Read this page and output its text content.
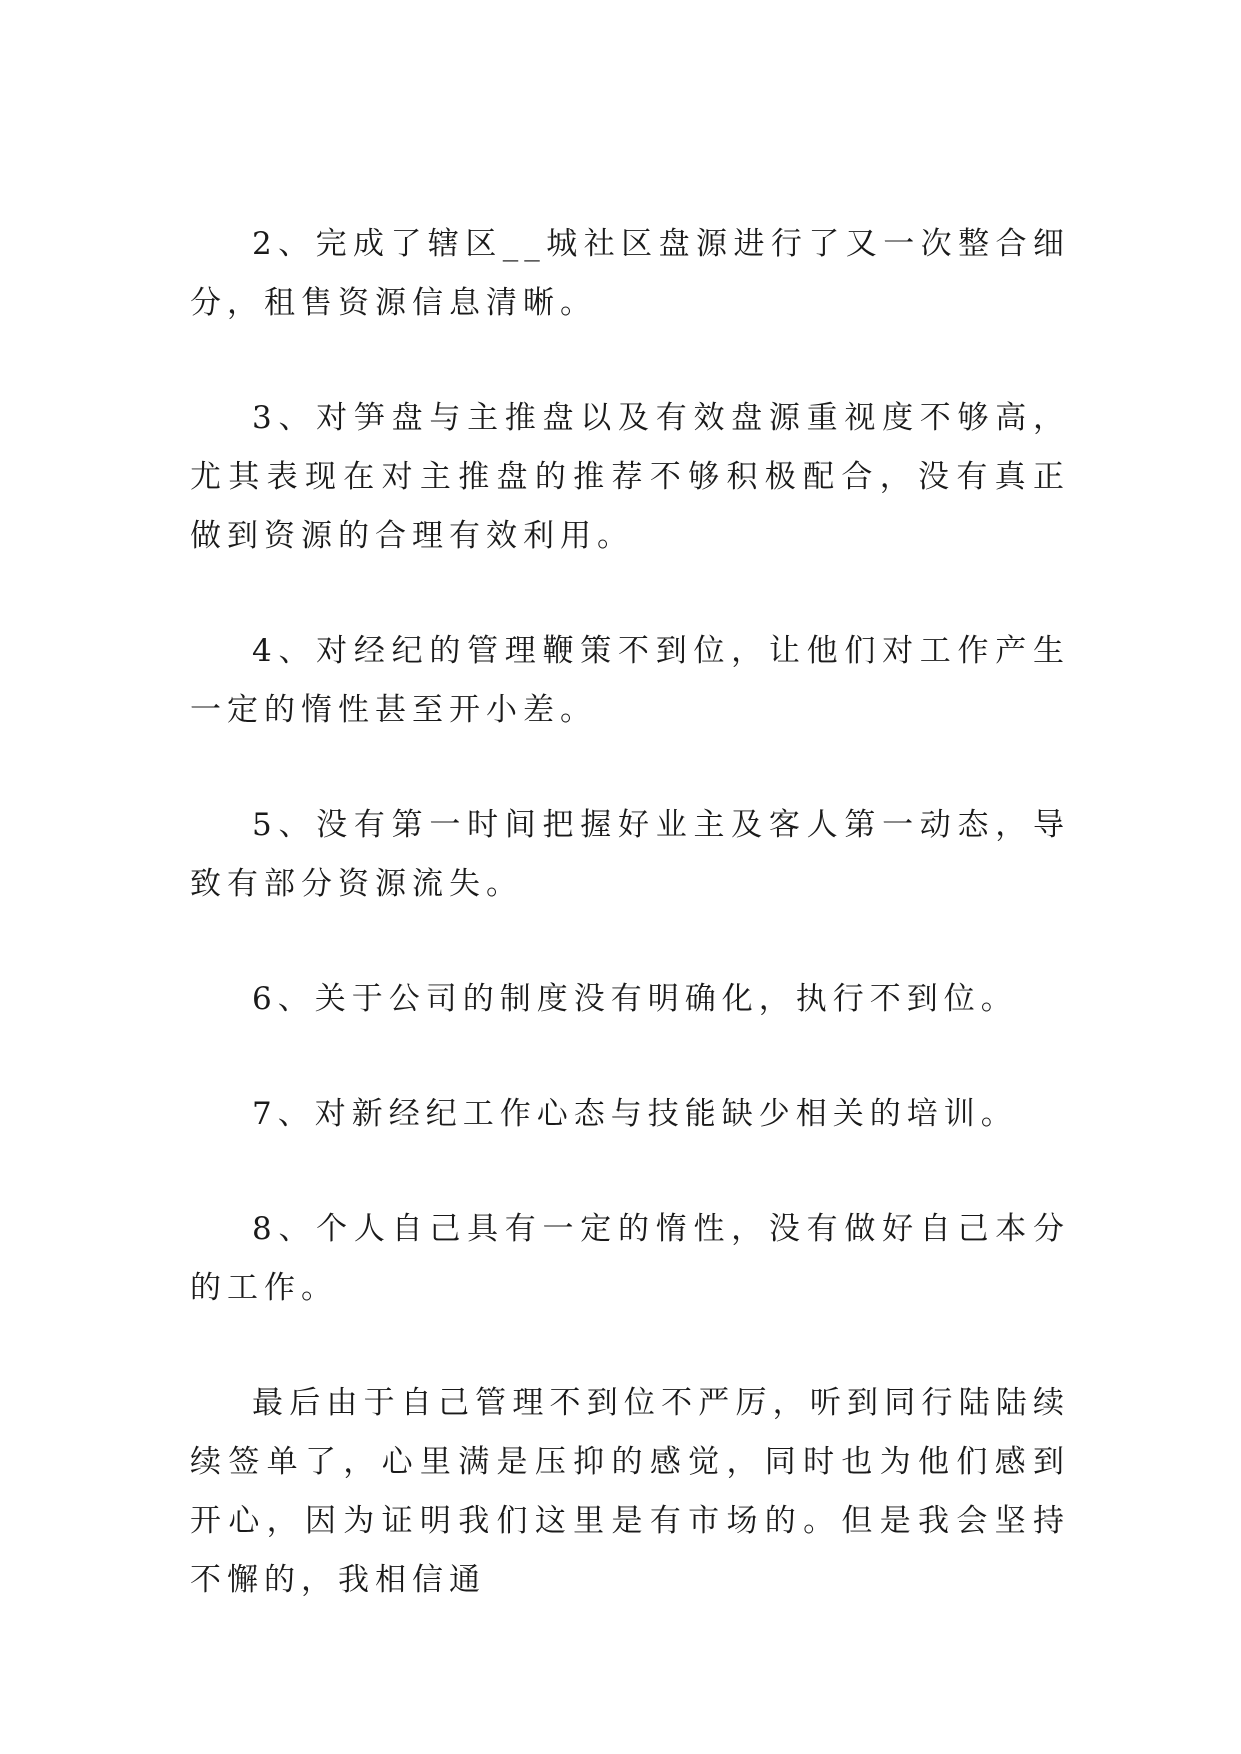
2、完成了辖区__城社区盘源进行了又一次整合细分，租售资源信息清晰。

3、对笋盘与主推盘以及有效盘源重视度不够高，尤其表现在对主推盘的推荐不够积极配合，没有真正做到资源的合理有效利用。

4、对经纪的管理鞭策不到位，让他们对工作产生一定的惰性甚至开小差。

5、没有第一时间把握好业主及客人第一动态，导致有部分资源流失。

6、关于公司的制度没有明确化，执行不到位。

7、对新经纪工作心态与技能缺少相关的培训。

8、个人自己具有一定的惰性，没有做好自己本分的工作。

最后由于自己管理不到位不严厉，听到同行陆陆续续签单了，心里满是压抑的感觉，同时也为他们感到开心，因为证明我们这里是有市场的。但是我会坚持不懈的，我相信通
